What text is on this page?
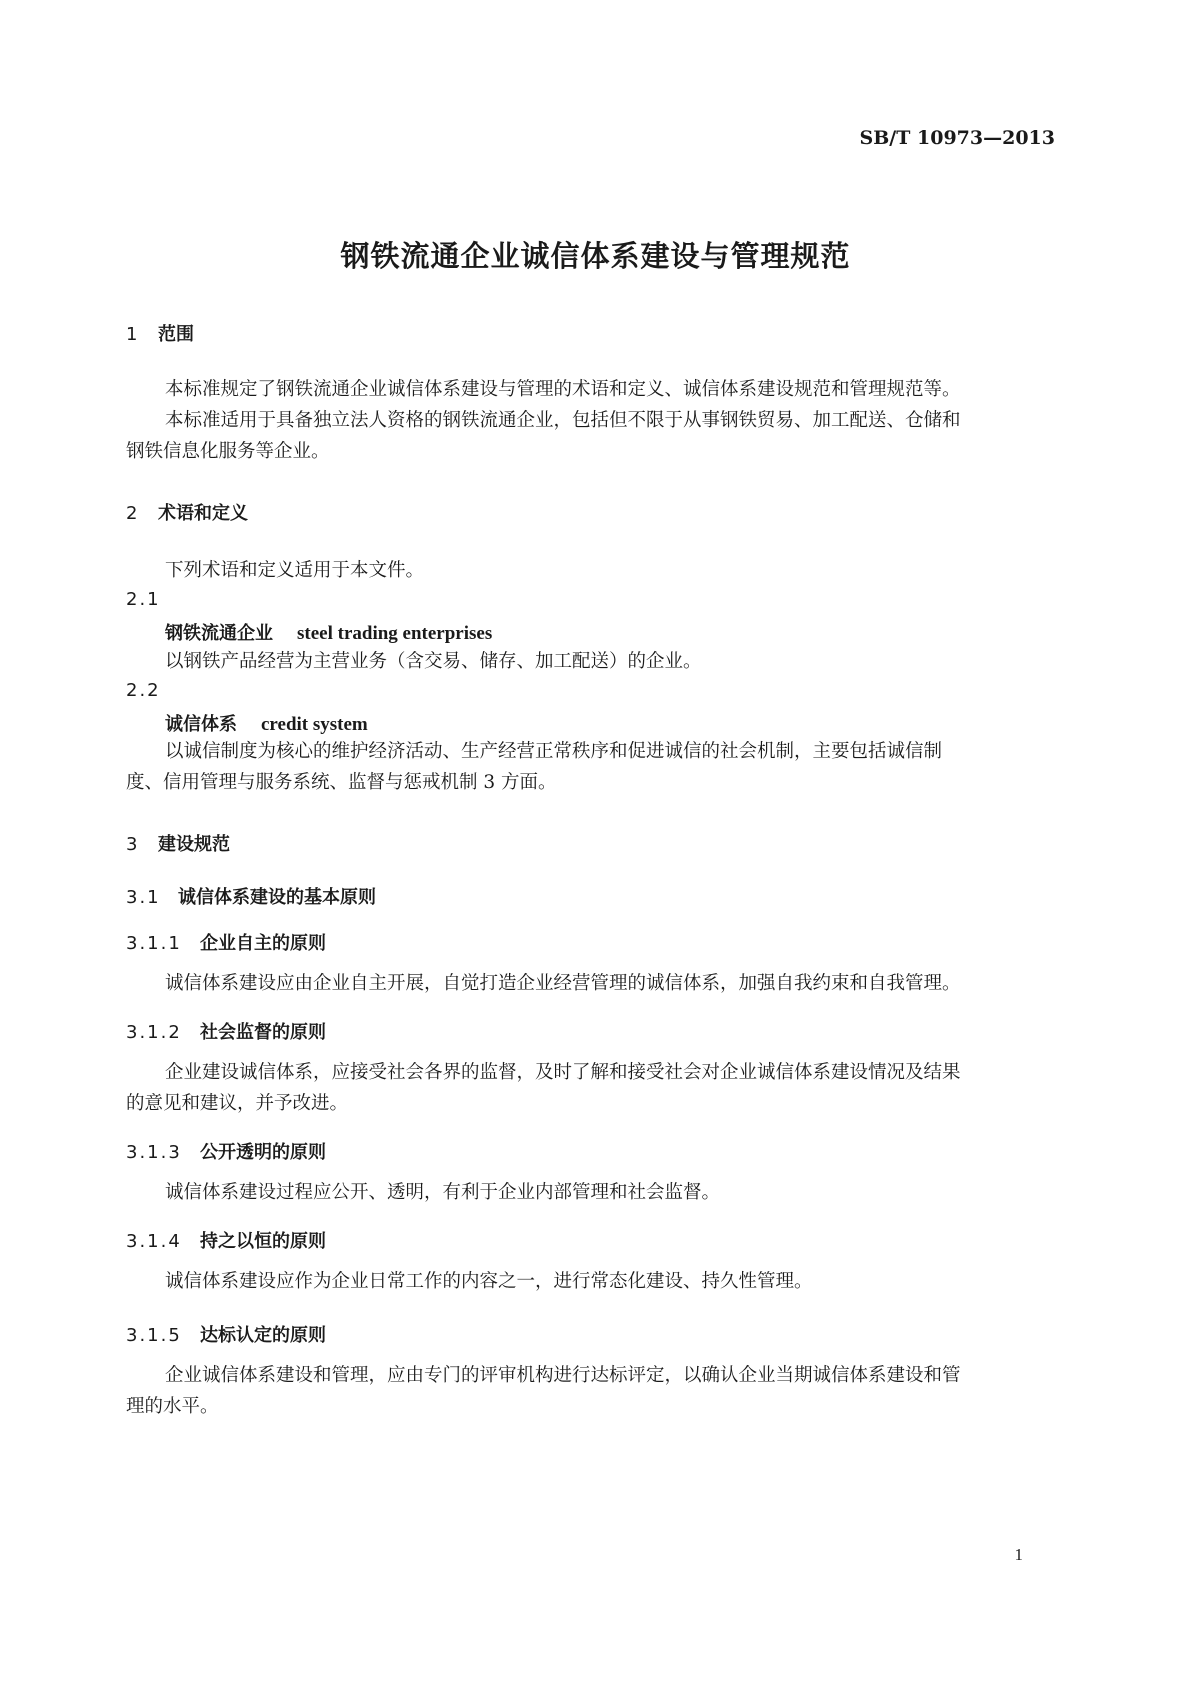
SB/T 10973—2013
钢铁流通企业诚信体系建设与管理规范
1 范围
本标准规定了钢铁流通企业诚信体系建设与管理的术语和定义、诚信体系建设规范和管理规范等。
本标准适用于具备独立法人资格的钢铁流通企业，包括但不限于从事钢铁贸易、加工配送、仓储和
钢铁信息化服务等企业。
2 术语和定义
下列术语和定义适用于本文件。
2.1
钢铁流通企业 steel trading enterprises
以钢铁产品经营为主营业务（含交易、储存、加工配送）的企业。
2.2
诚信体系 credit system
以诚信制度为核心的维护经济活动、生产经营正常秩序和促进诚信的社会机制，主要包括诚信制
度、信用管理与服务系统、监督与惩戒机制 3 方面。
3 建设规范
3.1 诚信体系建设的基本原则
3.1.1 企业自主的原则
诚信体系建设应由企业自主开展，自觉打造企业经营管理的诚信体系，加强自我约束和自我管理。
3.1.2 社会监督的原则
企业建设诚信体系，应接受社会各界的监督，及时了解和接受社会对企业诚信体系建设情况及结果
的意见和建议，并予改进。
3.1.3 公开透明的原则
诚信体系建设过程应公开、透明，有利于企业内部管理和社会监督。
3.1.4 持之以恒的原则
诚信体系建设应作为企业日常工作的内容之一，进行常态化建设、持久性管理。
3.1.5 达标认定的原则
企业诚信体系建设和管理，应由专门的评审机构进行达标评定，以确认企业当期诚信体系建设和管
理的水平。
1
